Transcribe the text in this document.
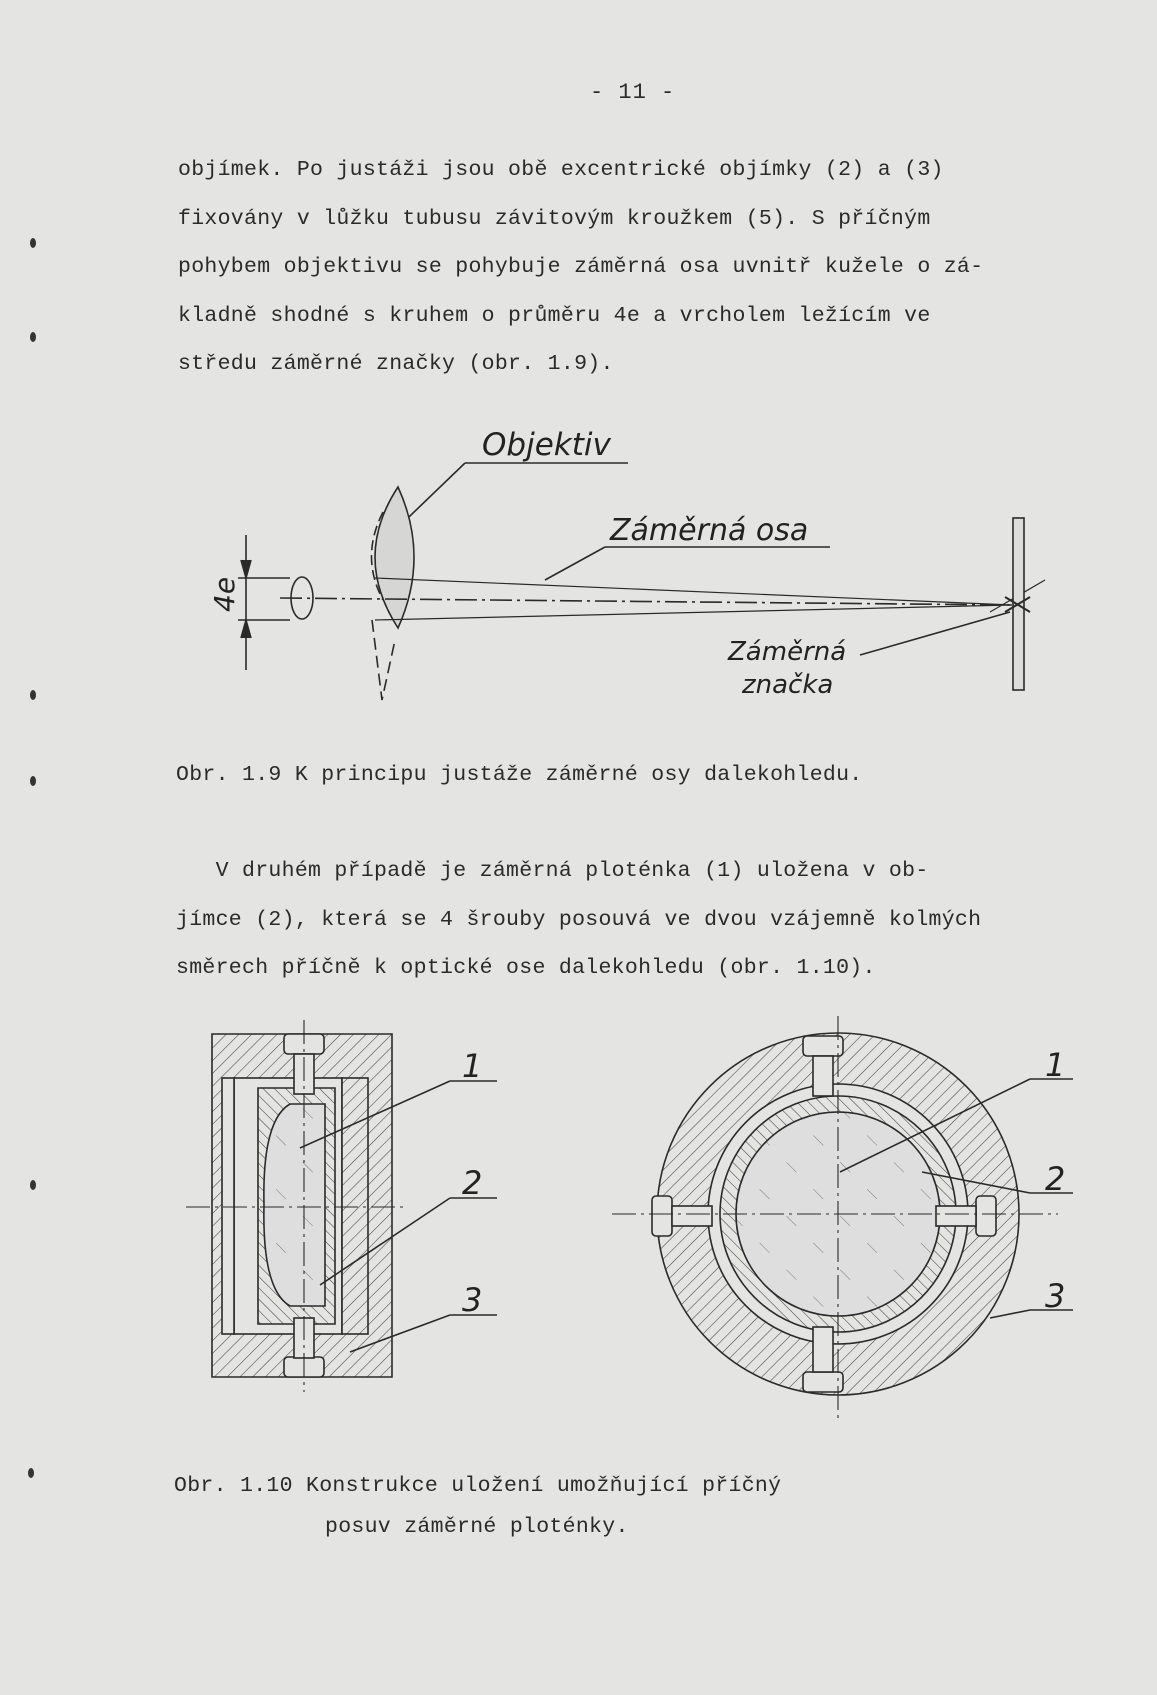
- 11 -
objímek. Po justáži jsou obě excentrické objímky (2) a (3)
fixovány v lůžku tubusu závitovým kroužkem (5). S příčným
pohybem objektivu se pohybuje záměrná osa uvnitř kužele o zá-
kladně shodné s kruhem o průměru 4e a vrcholem ležícím ve
středu záměrné značky (obr. 1.9).
Obr. 1.9 K principu justáže záměrné osy dalekohledu.
V druhém případě je záměrná ploténka (1) uložena v ob-
jímce (2), která se 4 šrouby posouvá ve dvou vzájemně kolmých
směrech příčně k optické ose dalekohledu (obr. 1.10).
Obr. 1.10 Konstrukce uložení umožňující příčný
posuv záměrné ploténky.
Objektiv
Záměrná osa
Záměrná
značka
4e
1
2
3
1
2
3
